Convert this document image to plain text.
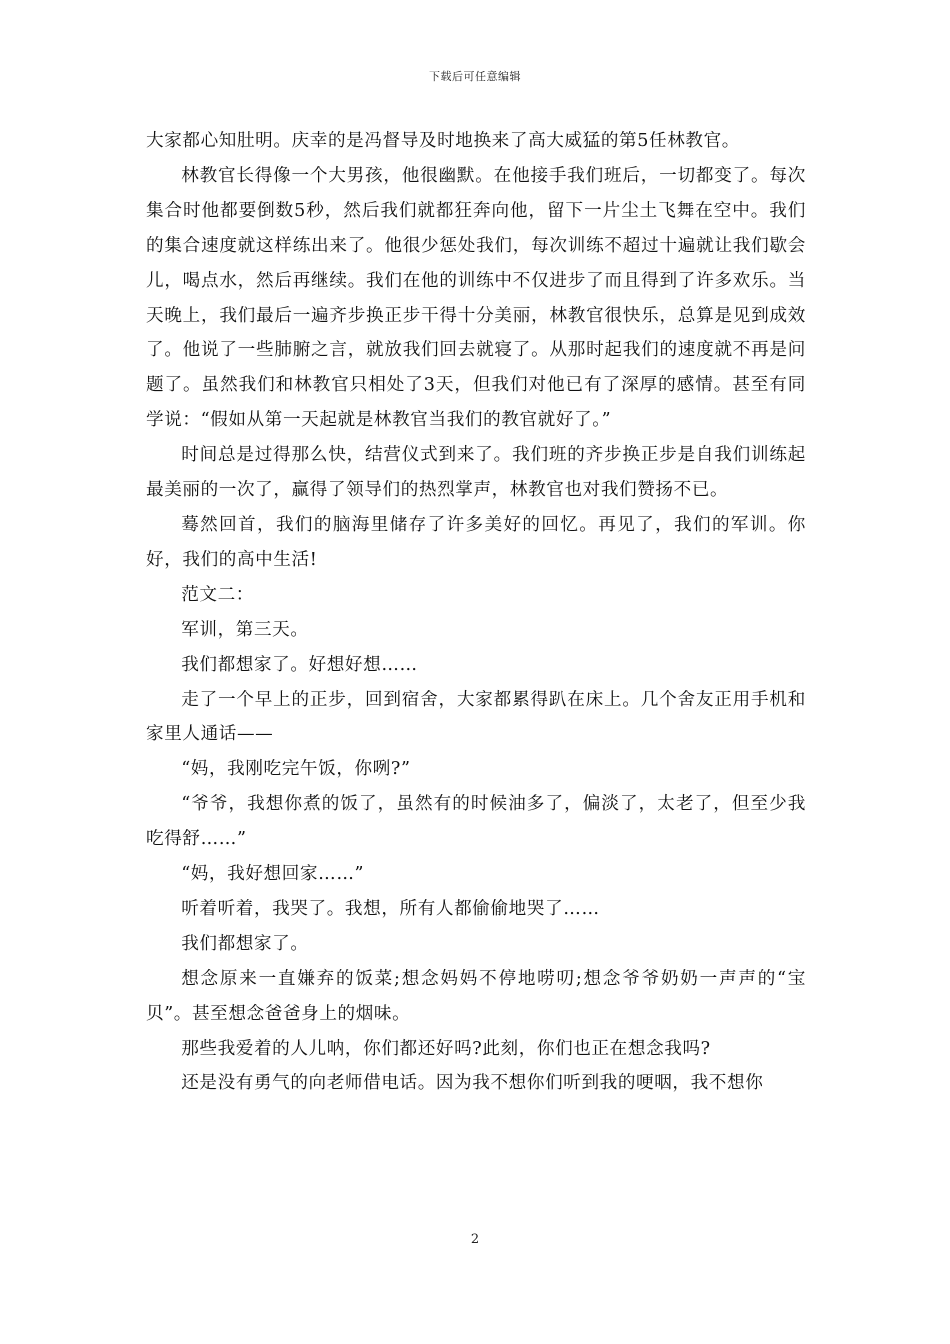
下载后可任意编辑

大家都心知肚明。庆幸的是冯督导及时地换来了高大威猛的第5任林教官。

林教官长得像一个大男孩，他很幽默。在他接手我们班后，一切都变了。每次集合时他都要倒数5秒，然后我们就都狂奔向他，留下一片尘土飞舞在空中。我们的集合速度就这样练出来了。他很少惩处我们，每次训练不超过十遍就让我们歇会儿，喝点水，然后再继续。我们在他的训练中不仅进步了而且得到了许多欢乐。当天晚上，我们最后一遍齐步换正步干得十分美丽，林教官很快乐，总算是见到成效了。他说了一些肺腑之言，就放我们回去就寝了。从那时起我们的速度就不再是问题了。虽然我们和林教官只相处了3天，但我们对他已有了深厚的感情。甚至有同学说：“假如从第一天起就是林教官当我们的教官就好了。”

时间总是过得那么快，结营仪式到来了。我们班的齐步换正步是自我们训练起最美丽的一次了，赢得了领导们的热烈掌声，林教官也对我们赞扬不已。

蓦然回首，我们的脑海里储存了许多美好的回忆。再见了，我们的军训。你好，我们的高中生活!

范文二：

军训，第三天。

我们都想家了。好想好想……

走了一个早上的正步，回到宿舍，大家都累得趴在床上。几个舍友正用手机和家里人通话——

“妈，我刚吃完午饭，你咧?”

“爷爷，我想你煮的饭了，虽然有的时候油多了，偏淡了，太老了，但至少我吃得舒……”

“妈，我好想回家……”

听着听着，我哭了。我想，所有人都偷偷地哭了……

我们都想家了。

想念原来一直嫌弃的饭菜;想念妈妈不停地唠叨;想念爷爷奶奶一声声的“宝贝”。甚至想念爸爸身上的烟味。

那些我爱着的人儿呐，你们都还好吗?此刻，你们也正在想念我吗?

还是没有勇气的向老师借电话。因为我不想你们听到我的哽咽，我不想你

2
